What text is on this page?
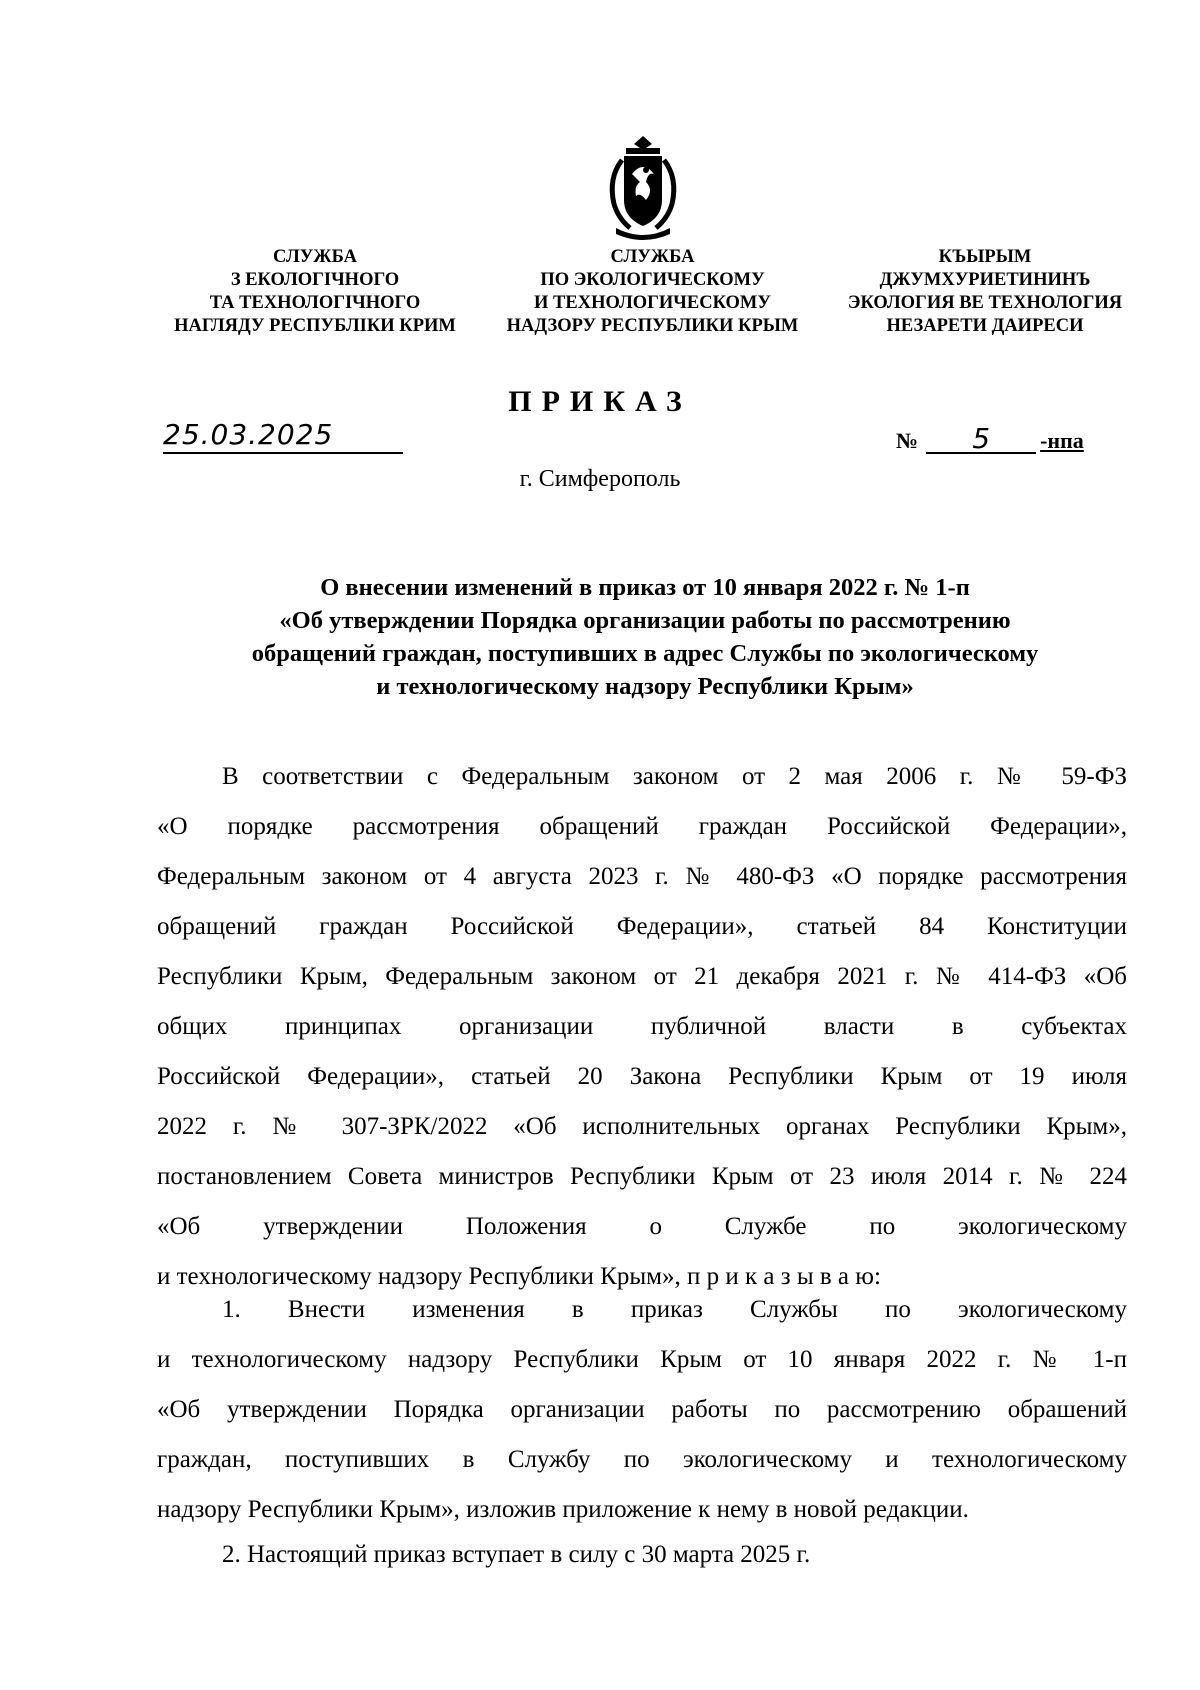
СЛУЖБА
З ЕКОЛОГІЧНОГО
ТА ТЕХНОЛОГІЧНОГО
НАГЛЯДУ РЕСПУБЛІКИ КРИМ
СЛУЖБА
ПО ЭКОЛОГИЧЕСКОМУ
И ТЕХНОЛОГИЧЕСКОМУ
НАДЗОРУ РЕСПУБЛИКИ КРЫМ
КЪЫРЫМ
ДЖУМХУРИЕТИНИНЪ
ЭКОЛОГИЯ ВЕ ТЕХНОЛОГИЯ
НЕЗАРЕТИ ДАИРЕСИ
ПРИКАЗ
25.03.2025	№ 5 -нпа
г. Симферополь
О внесении изменений в приказ от 10 января 2022 г. № 1-п
«Об утверждении Порядка организации работы по рассмотрению
обращений граждан, поступивших в адрес Службы по экологическому
и технологическому надзору Республики Крым»
В соответствии с Федеральным законом от 2 мая 2006 г. № 59-ФЗ
«О порядке рассмотрения обращений граждан Российской Федерации»,
Федеральным законом от 4 августа 2023 г. № 480-ФЗ «О порядке рассмотрения
обращений граждан Российской Федерации», статьей 84 Конституции
Республики Крым, Федеральным законом от 21 декабря 2021 г. № 414-ФЗ «Об
общих принципах организации публичной власти в субъектах
Российской Федерации», статьей 20 Закона Республики Крым от 19 июля
2022 г. № 307-ЗРК/2022 «Об исполнительных органах Республики Крым»,
постановлением Совета министров Республики Крым от 23 июля 2014 г. № 224
«Об утверждении Положения о Службе по экологическому
и технологическому надзору Республики Крым», п р и к а з ы в а ю:
1. Внести изменения в приказ Службы по экологическому
и технологическому надзору Республики Крым от 10 января 2022 г. № 1-п
«Об утверждении Порядка организации работы по рассмотрению обрашений
граждан, поступивших в Службу по экологическому и технологическому
надзору Республики Крым», изложив приложение к нему в новой редакции.
2. Настоящий приказ вступает в силу с 30 марта 2025 г.
